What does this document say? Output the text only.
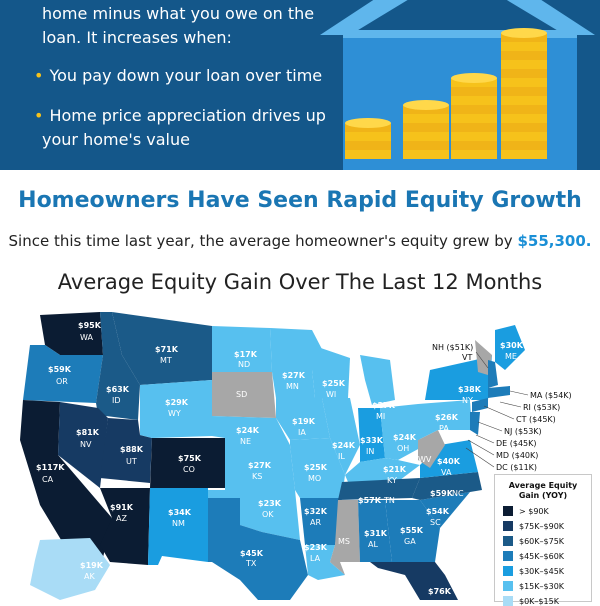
home minus what you owe on the
loan. It increases when:
• You pay down your loan over time
• Home price appreciation drives up
your home's value
Homeowners Have Seen Rapid Equity Growth
Since this time last year, the average homeowner's equity grew by $55,300.
Average Equity Gain Over The Last 12 Months
$95K
WA
$59K
OR
$117K
CA
$63K
ID
$81K
NV
$71K
MT
$88K
UT
$91K
AZ
$29K
WY
$75K
CO
$34K
NM
$17K
ND
SD
$24K
NE
$27K
KS
$23K
OK
$45K
TX
$27K
MN
$19K
IA
$25K
MO
$32K
AR
$23K
LA
$25K
WI
$24K
IL
$27K
MI
$33K
IN
$24K
OH
$21K
KY
$57K TN
MS
$31K
AL
$55K
GA
$76K
$54K
SC
$59K NC
$40K
VA
WV
$26K
PA
$38K
NY
$30K
ME
$19K
AK
NH ($51K)
VT
MA ($54K)
RI ($53K)
CT ($45K)
NJ ($53K)
DE ($45K)
MD ($40K)
DC ($11K)
Average Equity
Gain (YOY)
> $90K
$75K–$90K
$60K–$75K
$45K–$60K
$30K–$45K
$15K–$30K
$0K–$15K
